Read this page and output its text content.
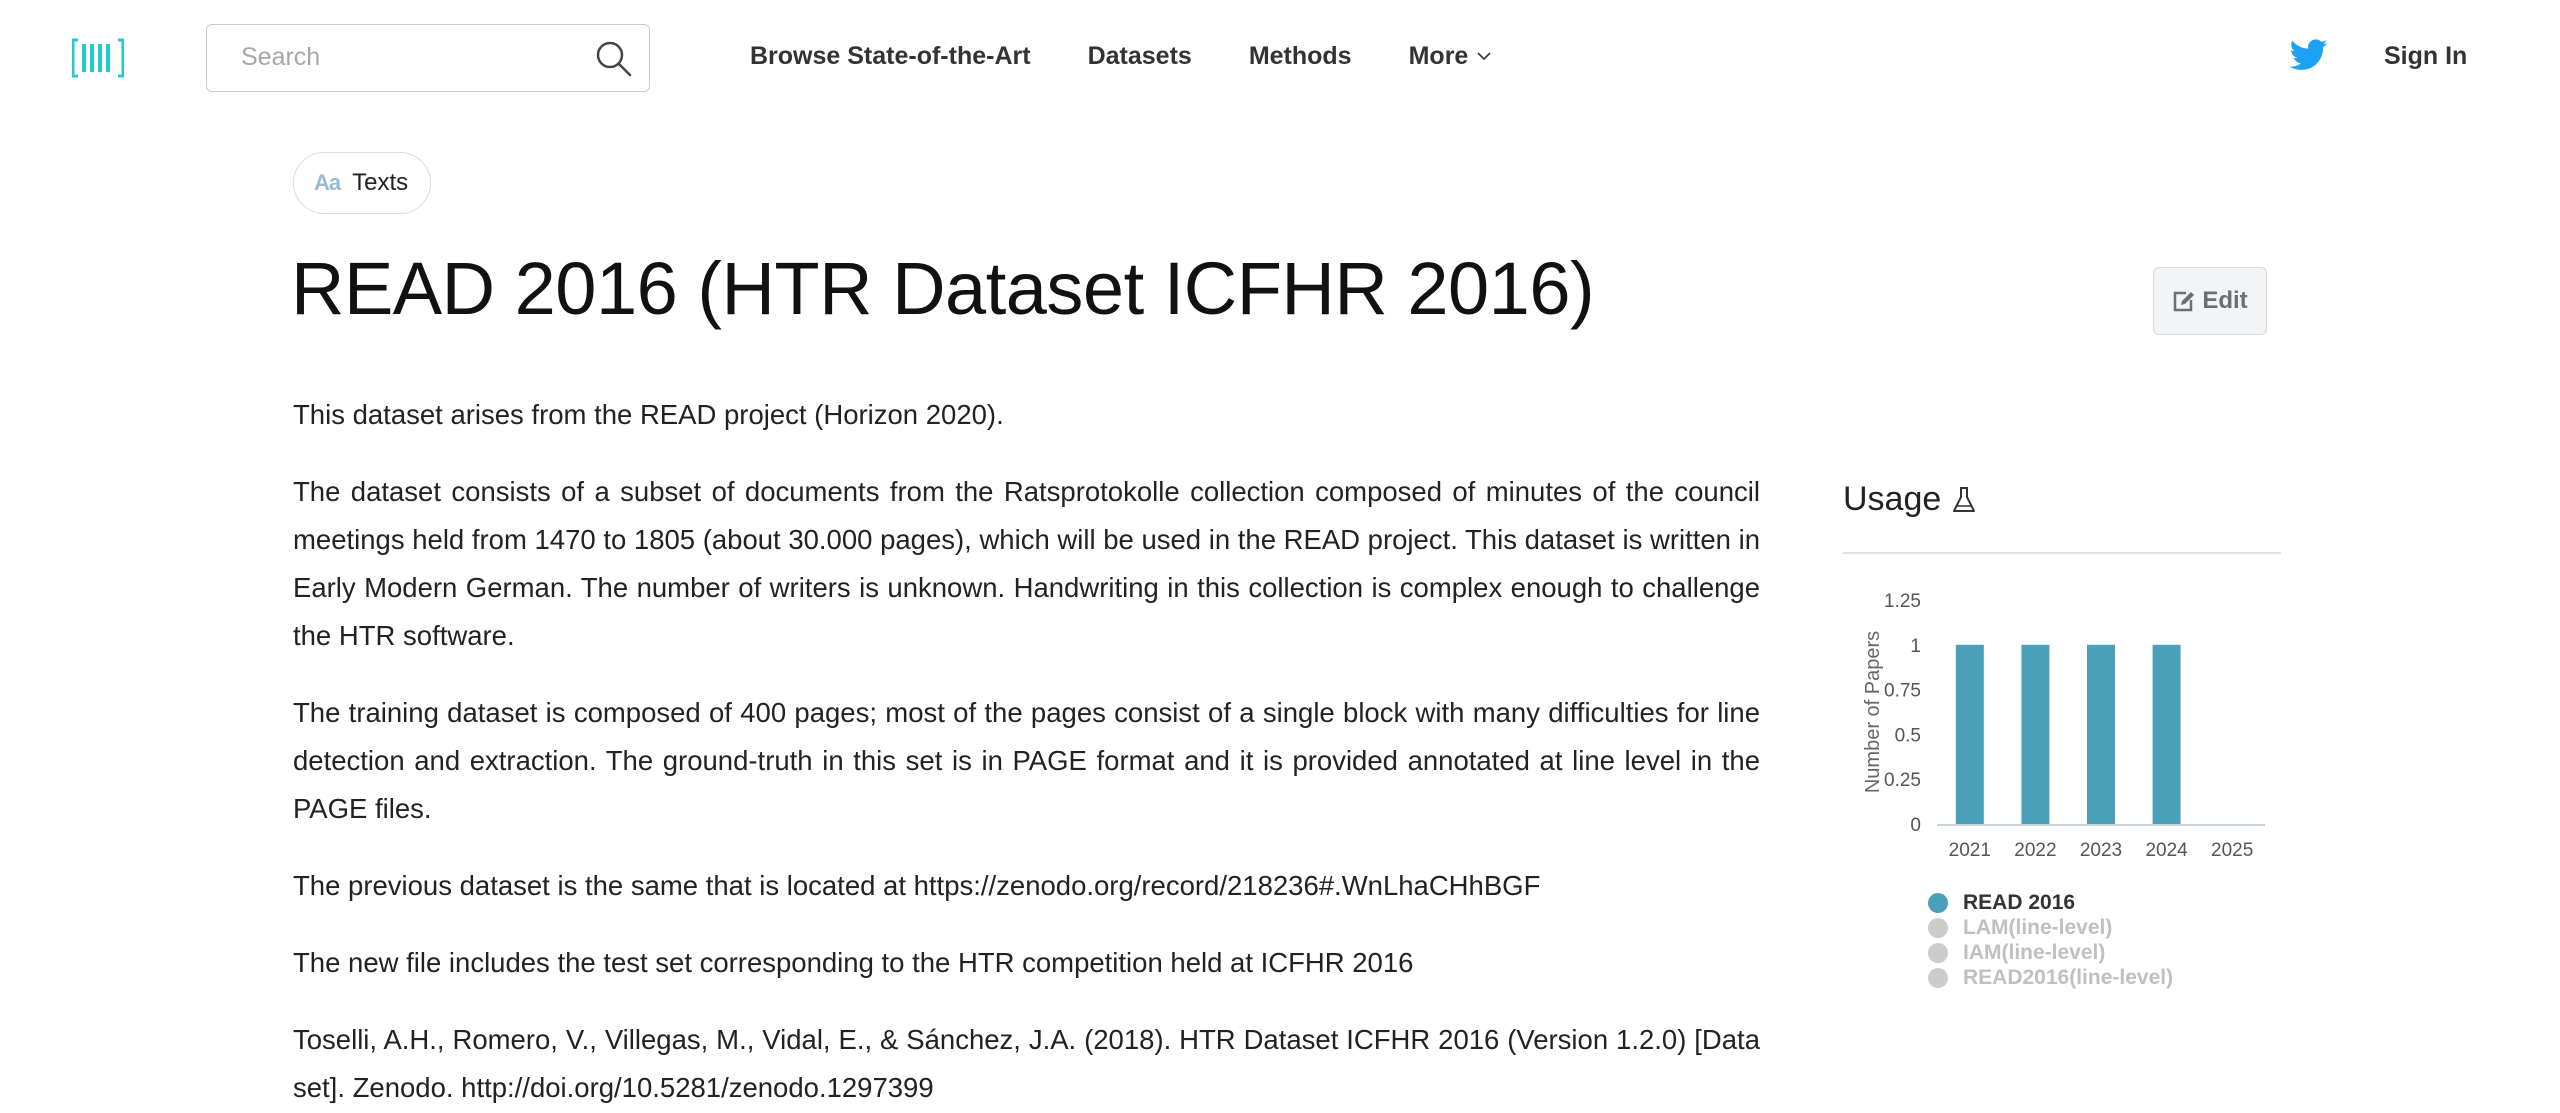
Search
Browse State-of-the-Art Datasets Methods More	Sign In
Aa Texts
READ 2016 (HTR Dataset ICFHR 2016)	Edit

This dataset arises from the READ project (Horizon 2020).

The dataset consists of a subset of documents from the Ratsprotokolle collection composed of minutes of the council meetings held from 1470 to 1805 (about 30.000 pages), which will be used in the READ project. This dataset is written in Early Modern German. The number of writers is unknown. Handwriting in this collection is complex enough to challenge the HTR software.

The training dataset is composed of 400 pages; most of the pages consist of a single block with many difficulties for line detection and extraction. The ground-truth in this set is in PAGE format and it is provided annotated at line level in the PAGE files.

The previous dataset is the same that is located at https://zenodo.org/record/218236#.WnLhaCHhBGF

The new file includes the test set corresponding to the HTR competition held at ICFHR 2016

Toselli, A.H., Romero, V., Villegas, M., Vidal, E., & Sánchez, J.A. (2018). HTR Dataset ICFHR 2016 (Version 1.2.0) [Data set]. Zenodo. http://doi.org/10.5281/zenodo.1297399

Usage
Number of Papers
0
0.25
0.5
0.75
1
1.25
2021 2022 2023 2024 2025
READ 2016
LAM(line-level)
IAM(line-level)
READ2016(line-level)
